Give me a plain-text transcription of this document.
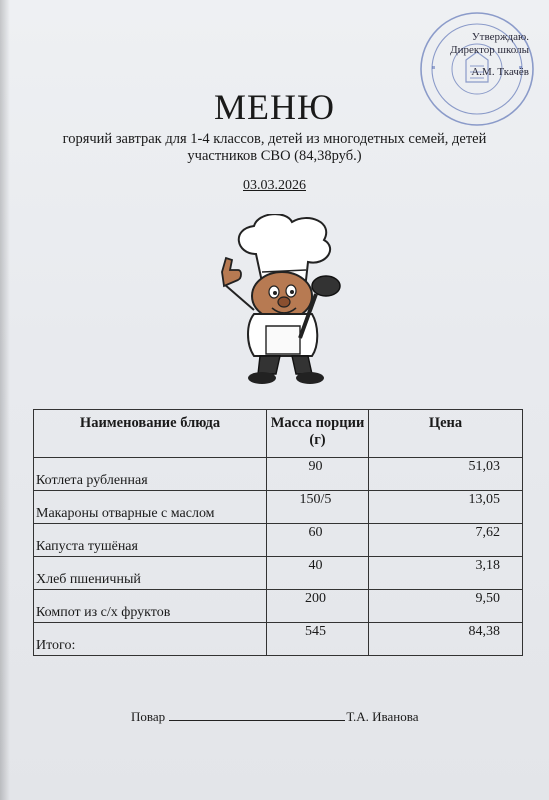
Утверждаю.
Директор школы
А.М. Ткачёв
МЕНЮ
горячий завтрак для 1-4 классов, детей из многодетных семей, детей участников СВО (84,38руб.)
03.03.2026
Наименование блюда	Масса порции (г)	Цена

Котлета рубленная	90	51,03

Макароны отварные с маслом	150/5	13,05

Капуста тушёная	60	7,62

Хлеб пшеничный	40	3,18

Компот из с/х фруктов	200	9,50

Итого:	545	84,38
Повар	Т.А. Иванова
